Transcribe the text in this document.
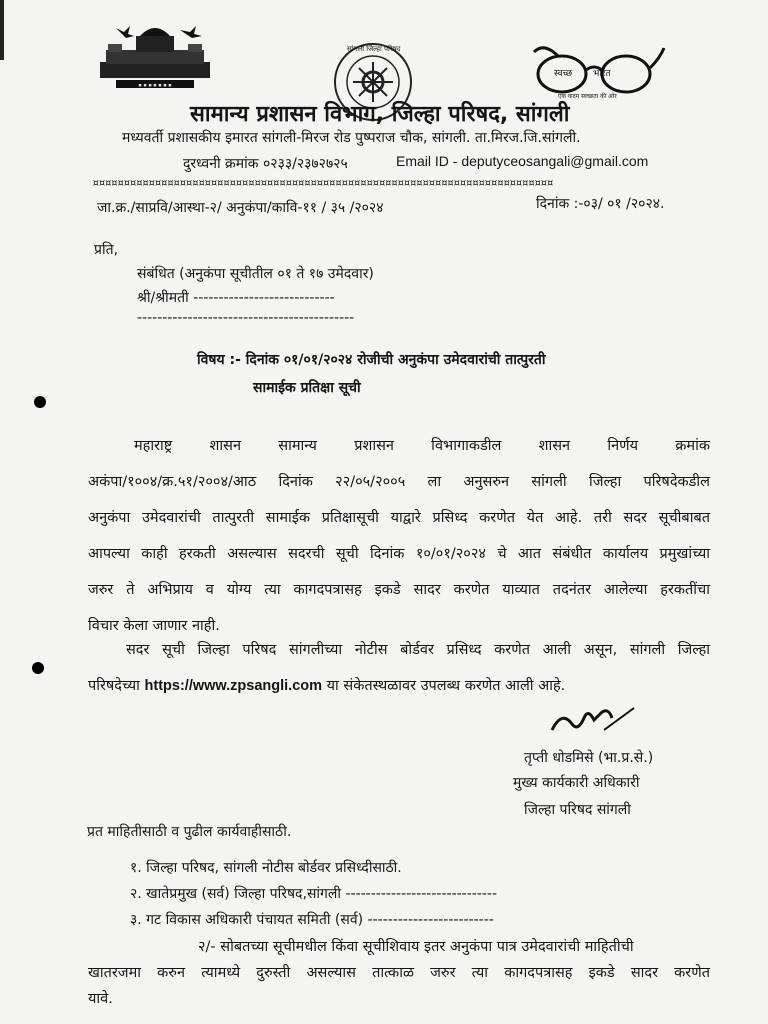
▪ ▪ ▪ ▪ ▪ ▪ ▪
सांगली जिल्हा परिषद
स्वच्छ भारत
एक कदम स्वच्छता की ओर
सामान्य प्रशासन विभाग, जिल्हा परिषद, सांगली
मध्यवर्ती प्रशासकीय इमारत सांगली-मिरज रोड पुष्पराज चौक, सांगली. ता.मिरज.जि.सांगली.
दुरध्वनी क्रमांक ०२३३/२३७२७२५	Email ID - deputyceosangali@gmail.com
¤¤¤¤¤¤¤¤¤¤¤¤¤¤¤¤¤¤¤¤¤¤¤¤¤¤¤¤¤¤¤¤¤¤¤¤¤¤¤¤¤¤¤¤¤¤¤¤¤¤¤¤¤¤¤¤¤¤¤¤¤¤¤¤¤¤¤¤¤¤¤¤¤¤
जा.क्र./साप्रवि/आस्था-२/ अनुकंपा/कावि-११ / ३५ /२०२४	दिनांक :-०३/ ०१ /२०२४.
प्रति,
संबंधित (अनुकंपा सूचीतील ०१ ते १७ उमेदवार)
श्री/श्रीमती ----------------------------
-------------------------------------------
विषय :- दिनांक ०१/०१/२०२४ रोजीची अनुकंपा उमेदवारांची तात्पुरती
सामाईक प्रतिक्षा सूची

महाराष्ट्र शासन सामान्य प्रशासन विभागाकडील शासन निर्णय क्रमांक

अकंपा/१००४/क्र.५१/२००४/आठ दिनांक २२/०५/२००५ ला अनुसरुन सांगली जिल्हा परिषदेकडील

अनुकंपा उमेदवारांची तात्पुरती सामाईक प्रतिक्षासूची याद्वारे प्रसिध्द करणेत येत आहे. तरी सदर सूचीबाबत

आपल्या काही हरकती असल्यास सदरची सूची दिनांक १०/०१/२०२४ चे आत संबंधीत कार्यालय प्रमुखांच्या

जरुर ते अभिप्राय व योग्य त्या कागदपत्रासह इकडे सादर करणेत याव्यात तदनंतर आलेल्या हरकतींचा

विचार केला जाणार नाही.

सदर सूची जिल्हा परिषद सांगलीच्या नोटीस बोर्डवर प्रसिध्द करणेत आली असून, सांगली जिल्हा

परिषदेच्या https://www.zpsangli.com या संकेतस्थळावर उपलब्ध करणेत आली आहे.

तृप्ती धोडमिसे (भा.प्र.से.)
मुख्य कार्यकारी अधिकारी
जिल्हा परिषद सांगली
प्रत माहितीसाठी व पुढील कार्यवाहीसाठी.
१. जिल्हा परिषद, सांगली नोटीस बोर्डवर प्रसिध्दीसाठी.
२. खातेप्रमुख (सर्व) जिल्हा परिषद,सांगली ------------------------------
३. गट विकास अधिकारी पंचायत समिती (सर्व) -------------------------

२/- सोबतच्या सूचीमधील किंवा सूचीशिवाय इतर अनुकंपा पात्र उमेदवारांची माहितीची

खातरजमा करुन त्यामध्ये दुरुस्ती असल्यास तात्काळ जरुर त्या कागदपत्रासह इकडे सादर करणेत

यावे.
